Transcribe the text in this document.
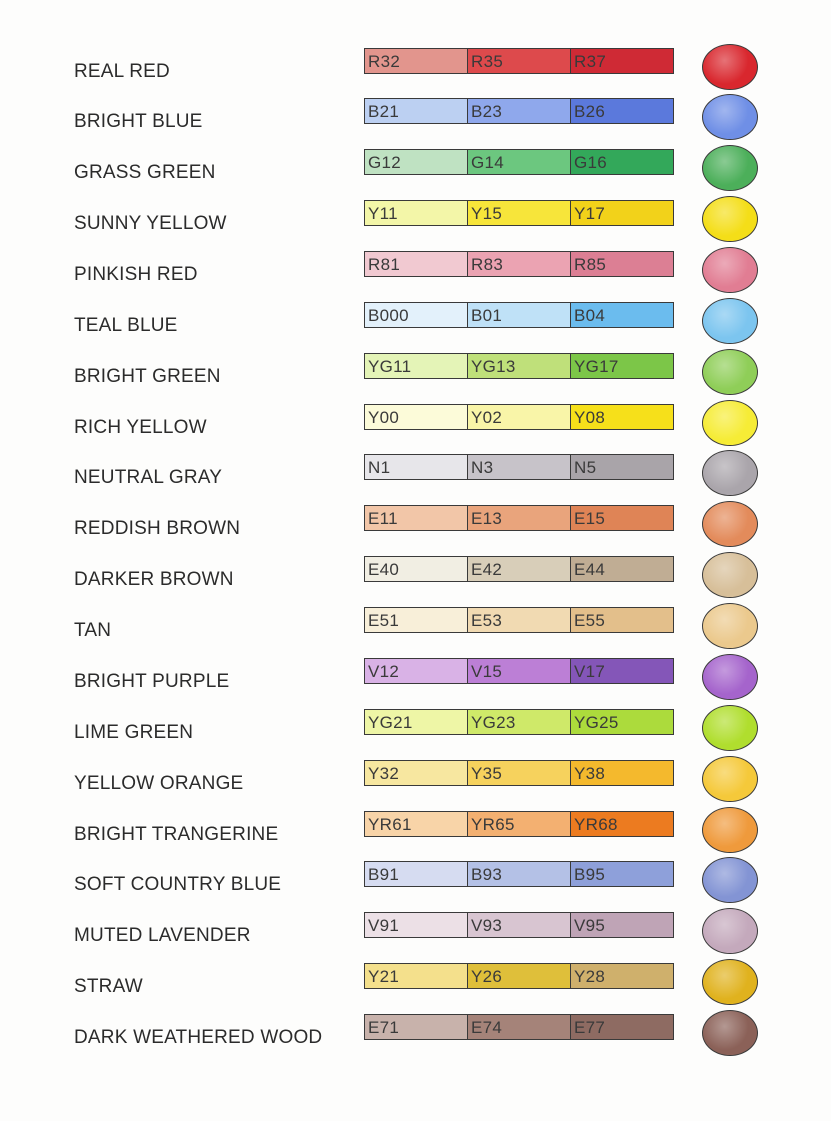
REAL RED	R32	R35	R37
BRIGHT BLUE	B21	B23	B26
GRASS GREEN	G12	G14	G16
SUNNY YELLOW	Y11	Y15	Y17
PINKISH RED	R81	R83	R85
TEAL BLUE	B000	B01	B04
BRIGHT GREEN	YG11	YG13	YG17
RICH YELLOW	Y00	Y02	Y08
NEUTRAL GRAY	N1	N3	N5
REDDISH BROWN	E11	E13	E15
DARKER BROWN	E40	E42	E44
TAN	E51	E53	E55
BRIGHT PURPLE	V12	V15	V17
LIME GREEN	YG21	YG23	YG25
YELLOW ORANGE	Y32	Y35	Y38
BRIGHT TRANGERINE	YR61	YR65	YR68
SOFT COUNTRY BLUE	B91	B93	B95
MUTED LAVENDER	V91	V93	V95
STRAW	Y21	Y26	Y28
DARK WEATHERED WOOD	E71	E74	E77
